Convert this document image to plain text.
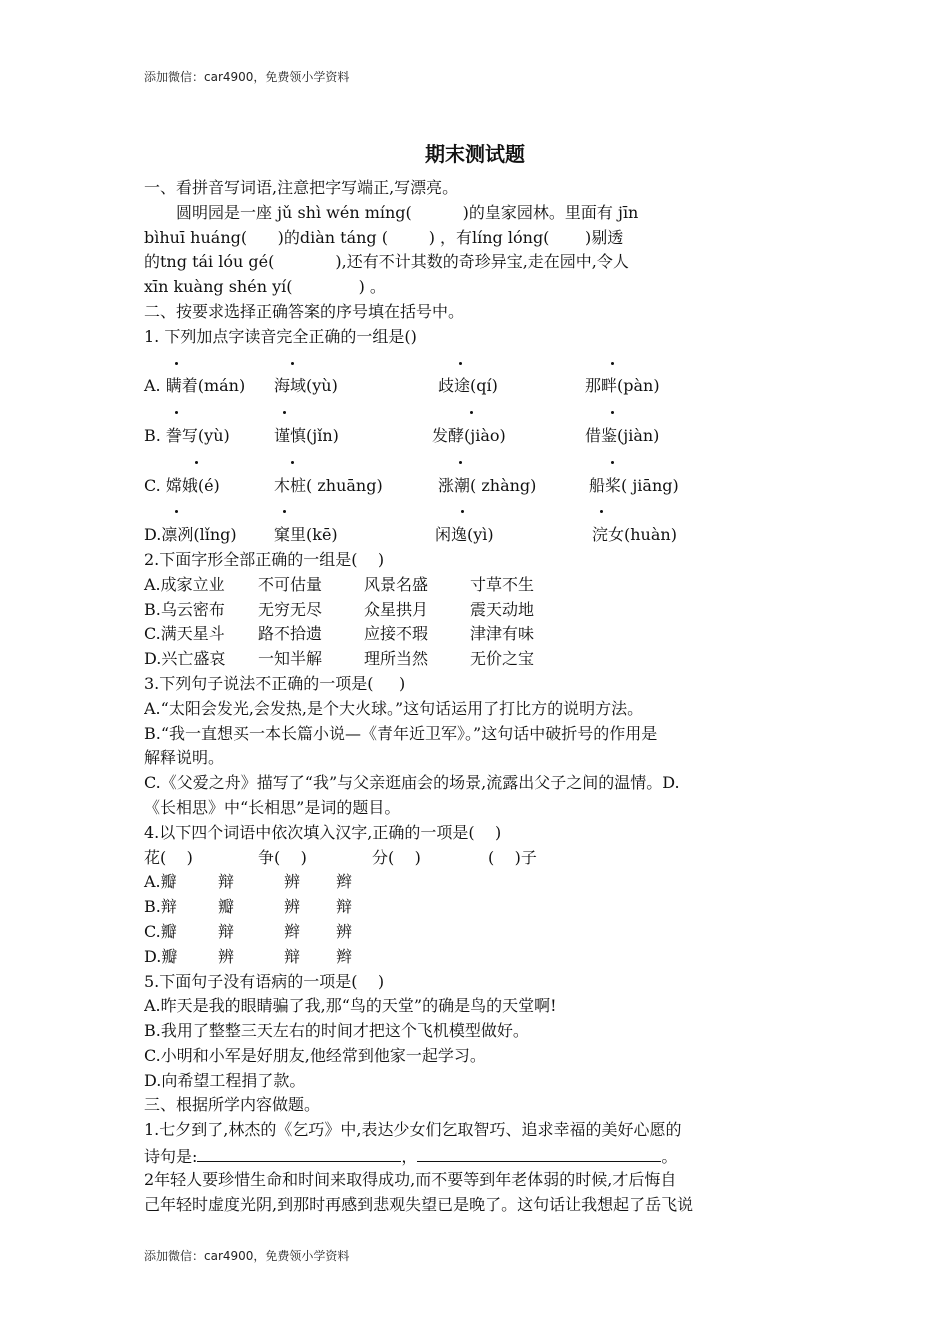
添加微信：car4900，免费领小学资料
期末测试题
一、看拼音写词语,注意把字写端正,写漂亮。
圆明园是一座 jǔ shì wén míng(          )的皇家园林。里面有 jīn
bìhuī huáng(      )的diàn táng (        ) ，有líng lóng(       )剔透
的tng tái lóu gé(            ),还有不计其数的奇珍异宝,走在园中,令人
xīn kuàng shén yí(             ) 。
二、按要求选择正确答案的序号填在括号中。
1. 下列加点字读音完全正确的一组是()
A. 瞒着(mán) 海域(yù)	歧途(qí)	那畔(pàn)
B. 誊写(yù)	谨慎(jǐn)	发酵(jiào)	借鉴(jiàn)
C. 嫦娥(é)	木桩( zhuāng)	涨潮( zhàng)	船桨( jiāng)
D.凛冽(lǐng) 窠里(kē)	闲逸(yì)	浣女(huàn)
2.下面字形全部正确的一组是(    )
A.成家立业	不可估量	风景名盛	寸草不生
B.乌云密布	无穷无尽	众星拱月	震天动地
C.满天星斗	路不拾遗	应接不瑕	津津有味
D.兴亡盛哀	一知半解	理所当然	无价之宝
3.下列句子说法不正确的一项是(     )
A.“太阳会发光,会发热,是个大火球。”这句话运用了打比方的说明方法。
B.“我一直想买一本长篇小说—《青年近卫军》。”这句话中破折号的作用是
解释说明。
C.《父爱之舟》描写了“我”与父亲逛庙会的场景,流露出父子之间的温情。D.
《长相思》中“长相思”是词的题目。
4.以下四个词语中依次填入汉字,正确的一项是(    )
花(    )	争(    )	分(    )	(    )子
A.瓣	辩	辨	辫
B.辩	瓣	辨	辩
C.瓣	辩	辫	辨
D.瓣	辨	辩	辫
5.下面句子没有语病的一项是(    )
A.昨天是我的眼睛骗了我,那“鸟的天堂”的确是鸟的天堂啊!
B.我用了整整三天左右的时间才把这个飞机模型做好。
C.小明和小军是好朋友,他经常到他家一起学习。
D.向希望工程捐了款。
三、根据所学内容做题。
1.七夕到了,林杰的《乞巧》中,表达少女们乞取智巧、追求幸福的美好心愿的
诗句是:	，	。
2年轻人要珍惜生命和时间来取得成功,而不要等到年老体弱的时候,才后悔自
己年轻时虚度光阴,到那时再感到悲观失望已是晚了。这句话让我想起了岳飞说
添加微信：car4900，免费领小学资料
